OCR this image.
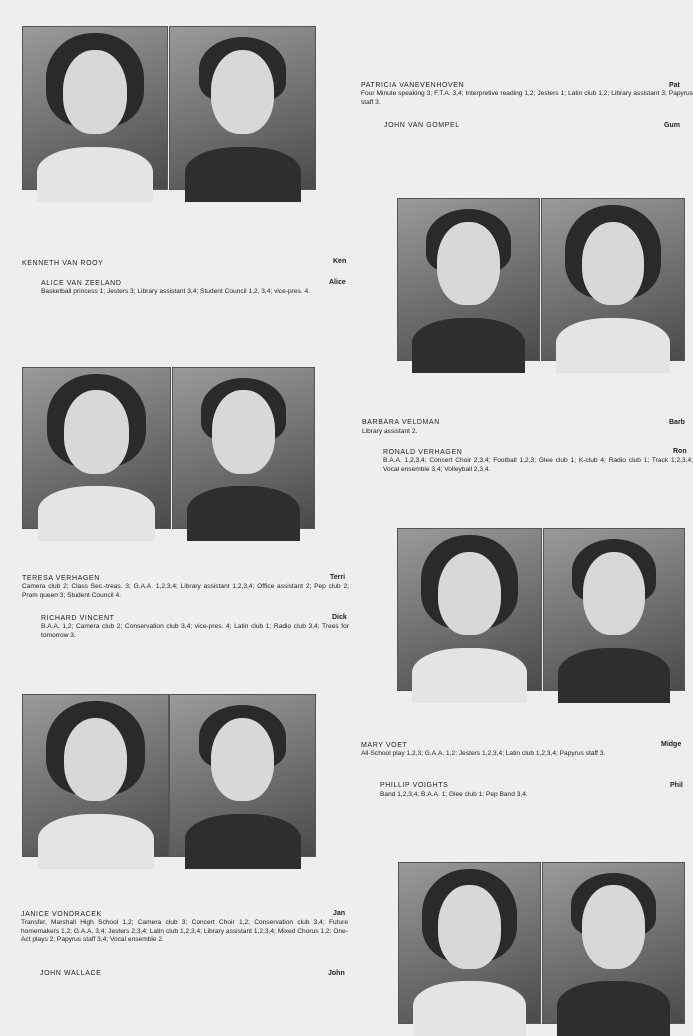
PATRICIA VANEVENHOVEN	Pat
Four Minute speaking 3; F.T.A. 3,4; Interpretive reading 1,2; Jesters 1; Latin club 1,2; Library assistant 3; Papyrus staff 3.
JOHN VAN GOMPEL	Gum
KENNETH VAN ROOY	Ken
ALICE VAN ZEELAND	Alice
Basketball princess 1; Jesters 3; Library assistant 3,4; Student Council 1,2, 3,4; vice-pres. 4.
BARBARA VELDMAN	Barb
Library assistant 2.
RONALD VERHAGEN	Ron
B.A.A. 1,2,3,4; Concert Choir 2,3,4; Football 1,2,3; Glee club 1; K-club 4; Radio club 1; Track 1,2,3,4; Vocal ensemble 3,4; Volleyball 2,3,4.
TERESA VERHAGEN	Terri
Camera club 2; Class Sec.-treas. 3; G.A.A. 1,2,3,4; Library assistant 1,2,3,4; Office assistant 2; Pep club 2; Prom queen 3; Student Council 4.
RICHARD VINCENT	Dick
B.A.A. 1,2; Camera club 2; Conservation club 3,4; vice-pres. 4; Latin club 1; Radio club 3,4; Trees for tomorrow 3.
MARY VOET	Midge
All-School play 1,2,3; G.A.A. 1,2; Jesters 1,2,3,4; Latin club 1,2,3,4; Papyrus staff 3.
PHILLIP VOIGHTS	Phil
Band 1,2,3,4; B.A.A. 1; Glee club 1; Pep Band 3,4.
JANICE VONDRACEK	Jan
Transfer, Marshall High School 1,2; Camera club 3; Concert Choir 1,2; Conservation club 3,4; Future homemakers 1,2; G.A.A. 3,4; Jesters 2,3,4; Latin club 1,2,3,4; Library assistant 1,2,3,4; Mixed Chorus 1,2; One-Act plays 2; Papyrus staff 3,4; Vocal ensemble 2.
JOHN WALLACE	John
